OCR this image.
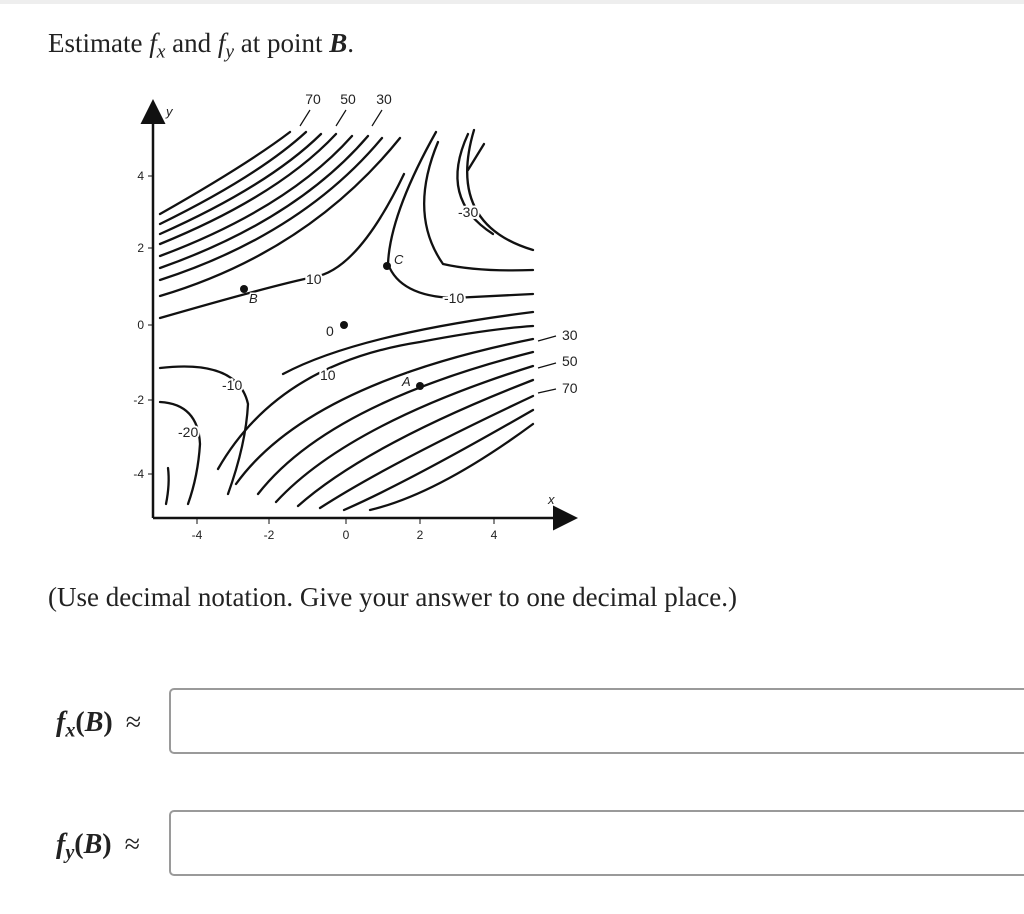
Estimate $f_x$ and $f_y$ at point B.
y
x
4
2
0
-2
-4
-4	-2	0	2	4
70 50 30
30
50
70
-30
-10
10
0
10
-10
-20
B
C
A
(Use decimal notation. Give your answer to one decimal place.)
$f_x(B)$ ≈
$f_y(B)$ ≈
